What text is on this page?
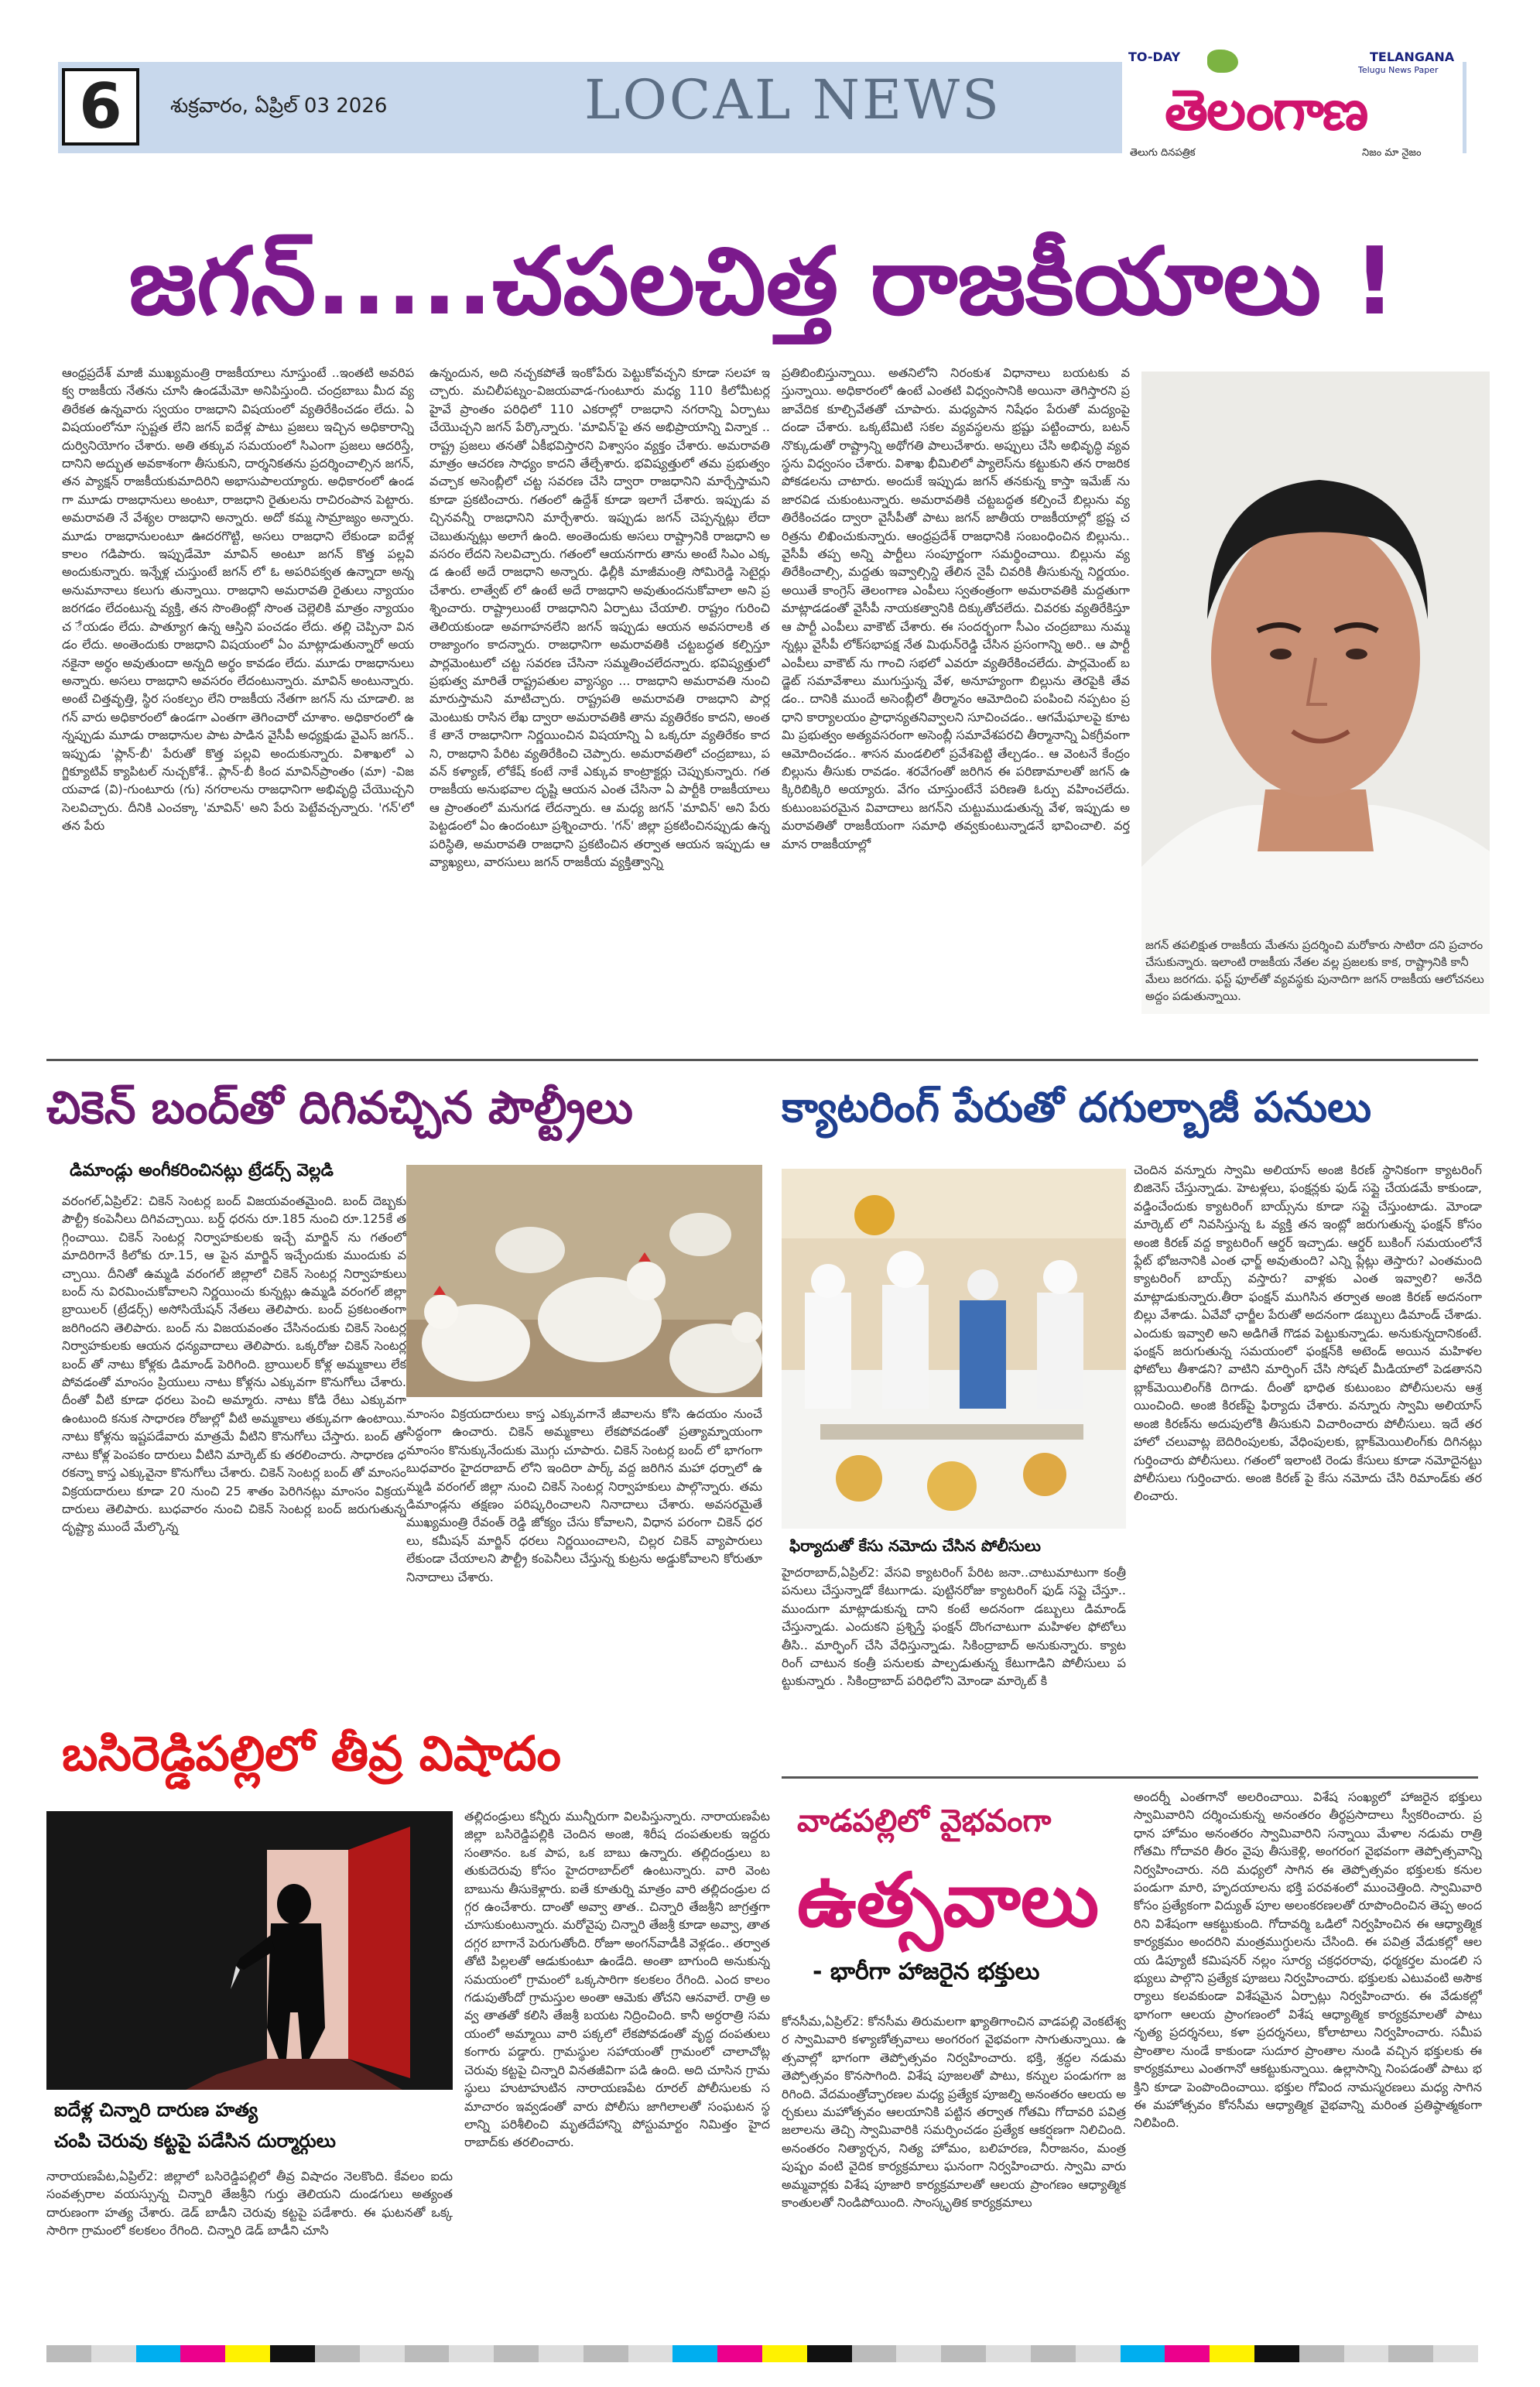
6	శుక్రవారం, ఏప్రిల్ 03 2026	LOCAL NEWS
TO-DAY	TELANGANA
Telugu News Paper
తెలంగాణ
తెలుగు దినపత్రిక	నిజం మా నైజం
జగన్.....చపలచిత్త రాజకీయాలు !
ఆంధ్రప్రదేశ్ మాజీ ముఖ్యమంత్రి రాజకీయాలు నూస్తుంటే ..ఇంతటి అవరిపక్వ రాజకీయ నేతను చూసి ఉండమేమో అనిపిస్తుంది. చంద్రబాబు మీద వ్యతిరేకత ఉన్నవారు స్వయం రాజధాని విషయంలో వ్యతిరేకించడం లేదు. ఏ విషయంలోనూ స్పష్టత లేని జగన్ ఐదేళ్ల పాటు ప్రజలు ఇచ్చిన అధికారాన్ని దుర్వినియోగం చేశారు. అతి తక్కువ సమయంలో సిఎంగా ప్రజలు ఆదరిస్తే, దానిని అద్భుత అవకాశంగా తీసుకుని, దార్శనికతను ప్రదర్శించాల్సిన జగన్, తన ప్యాక్షన్ రాజకీయకుమాదిరిని అభాసుపాలయ్యారు. అధికారంలో ఉండగా మూడు రాజధానులు అంటూ, రాజధాని రైతులను రాచిరంపాన పెట్టారు. అమరావతి నే వేశ్యల రాజధాని అన్నారు. అదో కమ్మ సామ్రాజ్యం అన్నారు. మూడు రాజధానులంటూ ఊదరగొట్టి, అసలు రాజధాని లేకుండా ఐదేళ్ల కాలం గడిపారు. ఇప్పుడేమో మావిన్ అంటూ జగన్ కొత్త పల్లవి అందుకున్నారు. ఇన్నేళ్ల చుస్తుంటే జగన్ లో ఓ అపరిపక్వత ఉన్నాదా అన్న అనుమానాలు కలుగు తున్నాయి. రాజధాని అమరావతి రైతులు న్యాయం జరగడం లేదంటున్న వ్యక్తి, తన సొంతింట్లో సొంత చెల్లెలికి మాత్రం న్యాయం చ ేయడం లేదు. పాత్యూగ ఉన్న ఆస్తిని పంచడం లేదు. తల్లి చెప్పినా వినడం లేదు. అంతెందుకు రాజధాని విషయంలో ఏం మాట్లాడుతున్నారో అయనకైనా అర్థం అవుతుందా అన్నది అర్థం కావడం లేదు. మూడు రాజధానులు అన్నారు. అసలు రాజధాని అవసరం లేదంటున్నారు. మావిన్ అంటున్నారు. అంటే చిత్తవృత్తి, స్థిర సంకల్పం లేని రాజకీయ నేతగా జగన్ ను చూడాలి. జగన్ వారు అధికారంలో ఉండగా ఎంతగా తెగించారో చూశాం. అధికారంలో ఉన్నప్పుడు మూడు రాజధానుల పాట పాడిన వైసీపీ అధ్యక్షుడు వైఎస్ జగన్.. ఇప్పుడు 'ప్లాన్-బీ' పేరుతో కొత్త పల్లవి అందుకున్నారు. విశాఖలో ఎగ్జిక్యూటివ్ క్యాపిటల్ నుచ్చకోశే.. ప్లాన్-బీ కింద మావిన్‌ప్రాంతం (మా) -విజయవాడ (వి)-గుంటూరు (గు) నగరాలను రాజధానిగా అభివృద్ధి చేయొచ్చని సెలవిచ్చారు. దీనికి ఎంచక్కా 'మావిన్' అని పేరు పెట్టేవచ్చన్నారు. 'గన్'లో తన పేరు
ఉన్నందున, అది నచ్చకపోతే ఇంకోపేరు పెట్టుకోవచ్చని కూడా సలహా ఇచ్చారు. మచిలీపట్నం-విజయవాడ-గుంటూరు మధ్య 110 కిలోమీటర్ల హైవే ప్రాంతం పరిధిలో 110 ఎకరాల్లో రాజధాని నగరాన్ని ఏర్పాటు చేయొచ్చని జగన్ పేర్కొన్నారు. 'మావిన్'పై తన అభిప్రాయాన్ని విన్నాక .. రాష్ట్ర ప్రజలు తనతో ఏకీభవిస్తారని విశ్వాసం వ్యక్తం చేశారు. అమరావతి మాత్రం ఆచరణ సాధ్యం కాదని తేల్చేశారు. భవిష్యత్తులో తమ ప్రభుత్వం వచ్చాక అసెంబ్లీలో చట్ట సవరణ చేసి ద్వారా రాజధానిని మార్చేస్తామని కూడా ప్రకటించారు. గతంలో ఉద్దేశ్ కూడా ఇలాగే చేశారు. ఇప్పుడు వచ్చినవన్నీ రాజధానిని మార్చేశారు. ఇప్పుడు జగన్ చెప్పన్నట్లు లేదా చెబుతున్నట్లు అలాగే ఉంది. అంతెందుకు అసలు రాష్ట్రానికి రాజధాని అవసరం లేదని సెలవిచ్చారు. గతంలో ఆయనగారు తాను అంటే సిఎం ఎక్కడ ఉంటే అదే రాజధాని అన్నారు. ఢిల్లీకి మాజీమంత్రి సోమిరెడ్డి సెటైర్లు చేశారు. లాత్వేట్ లో ఉంటే అదే రాజధాని అవుతుందనుకోవాలా అని ప్రశ్నించారు. రాష్ట్రాలుంటే రాజధానిని ఏర్పాటు చేయాలి. రాష్ట్రం గురించి తెలియకుండా అవగాహనలేని జగన్ ఇప్పుడు ఆయన అవసరాలకి తరాజ్యాంగం కాదన్నారు. రాజధానిగా అమరావతికి చట్టబద్ధత కల్పిస్తూ పార్లమెంటులో చట్ట సవరణ చేసినా సమ్మతించలేదన్నారు. భవిష్యత్తులో ప్రభుత్వ మారితే రాష్ట్రపతుల వ్యాస్యం ... రాజధాని అమరావతి నుంచి మారుస్తామని మాటిచ్చారు. రాష్ట్రపతి అమరావతి రాజధాని పార్లమెంటుకు రాసిన లేఖ ద్వారా అమరావతికి తాను వ్యతిరేకం కాదని, అంతకే తానే రాజధానిగా నిర్ణయించిన విషయాన్ని ఏ ఒక్కరూ వ్యతిరేకం కాదని, రాజధాని పేరిట వ్యతిరేకించి చెప్పారు. అమరావతిలో చంద్రబాబు, పవన్ కళ్యాణ్, లోకేష్ కంటే నాకే ఎక్కువ కాంట్రాక్టర్లు చెప్పుకున్నారు. గత రాజకీయ అనుభవాల దృష్టి ఆయన ఎంత చేసినా ఏ పార్టీకి రాజకీయాలు ఆ ప్రాంతంలో మనుగడ లేదన్నారు. ఆ మధ్య జగన్ 'మావిన్' అని పేరు పెట్టడంలో ఏం ఉందంటూ ప్రశ్నించారు. 'గన్' జిల్లా ప్రకటించినప్పుడు ఉన్న పరిస్థితి, అమరావతి రాజధాని ప్రకటించిన తర్వాత ఆయన ఇప్పుడు ఆ వ్యాఖ్యలు, వారసులు జగన్ రాజకీయ వ్యక్తిత్వాన్ని
ప్రతిబింబిస్తున్నాయి. అతనిలోని నిరంకుశ విధానాలు బయటకు వస్తున్నాయి. అధికారంలో ఉంటే ఎంతటి విధ్వంసానికి అయినా తెగిస్తారని ప్రజావేదిక కూల్చివేతతో చూపారు. మధ్యపాన నిషేధం పేరుతో మద్యంపై దండా చేశారు. ఒక్కటేమిటి సకల వ్యవస్థలను భ్రష్టు పట్టించారు, బటన్ నొక్కుడుతో రాష్ట్రాన్ని అథోగతి పాలుచేశారు. అప్పులు చేసి అభివృద్ధి వ్యవస్థను విధ్వంసం చేశారు. విశాఖ భీమిలిలో ప్యాలెస్‌ను కట్టుకుని తన రాజరిక పోకడలను చాటారు. అందుకే ఇప్పుడు జగన్ తనకున్న కాస్తా ఇమేజ్ ను జారవిడ చుకుంటున్నారు. అమరావతికి చట్టబద్ధత కల్పించే బిల్లును వ్యతిరేకించడం ద్వారా వైసీపీతో పాటు జగన్ జాతీయ రాజకీయాల్లో భ్రష్ట చరిత్రను లిఖించుకున్నారు. ఆంధ్రప్రదేశ్ రాజధానికి సంబంధించిన బిల్లును.. వైసీపీ తప్ప అన్ని పార్టీలు సంపూర్ణంగా సమర్థించాయి. బిల్లును వ్యతిరేకించాల్సి, మద్దతు ఇవ్వాల్సిన్డి తేలిన నైపీ చివరికి తీసుకున్న నిర్ణయం. అయితే కాంగ్రెస్ తెలంగాణ ఎంపీలు స్వతంత్రంగా అమరావతికి మద్దతుగా మాట్లాడడంతో వైసీపీ నాయకత్వానికి దిక్కుతోచలేదు. చివరకు వ్యతిరేకిస్తూ ఆ పార్టీ ఎంపీలు వాకౌట్ చేశారు. ఈ సందర్భంగా సీఎం చంద్రబాబు నుమ్మన్నట్లు వైసీపీ లోక్‌సభాపక్ష నేత మిథున్‌రెడ్డి చేసిన ప్రసంగాన్ని అరి.. ఆ పార్టీ ఎంపీలు వాకౌట్ ను గాంచి సభలో ఎవరూ వ్యతిరేకించలేదు. పార్లమెంట్ బడ్జెట్ సమావేశాలు ముగుస్తున్న వేళ, అనూహ్యంగా బిల్లును తెరపైకి తేవడం.. దానికి ముందే అసెంబ్లీలో తీర్మానం ఆమోదించి పంపించి నప్పటం ప్రధాని కార్యాలయం ప్రాధాన్యతనివ్వాలని సూచించడం.. ఆగమేఘాలపై కూటమి ప్రభుత్వం అత్యవసరంగా అసెంబ్లీ సమావేశపరచి తీర్మానాన్ని ఏకగ్రీవంగా ఆమోదించడం.. శాసన మండలిలో ప్రవేశపెట్టి తేల్చడం.. ఆ వెంటనే కేంద్రం బిల్లును తీసుకు రావడం. శరవేగంతో జరిగిన ఈ పరిణామాలతో జగన్ ఉక్కిరిబిక్కిరి అయ్యారు. వేగం చూస్తుంటేనే పరిణతి ఓర్పు వహించలేదు. కుటుంబపరమైన వివాదాలు జగన్‌ని చుట్టుముడుతున్న వేళ, ఇప్పుడు అమరావతితో రాజకీయంగా సమాధి తవ్వకుంటున్నాడనే భావించాలి. వర్తమాన రాజకీయాల్లో
జగన్ తపలిక్షుత రాజకీయ మేతను ప్రదర్శించి మరోకారు సాటిరా దని ప్రచారం చేసుకున్నారు. ఇలాంటి రాజకీయ నేతల వల్ల ప్రజలకు కాక, రాష్ట్రానికి కానీ మేలు జరగదు. ఫస్ట్ ఫూల్‌తో వ్యవస్థకు పునాదిగా జగన్ రాజకీయ ఆలోచనలు అద్దం పడుతున్నాయి.
చికెన్ బంద్‌తో దిగివచ్చిన పౌల్ట్రీలు
డిమాండ్లు అంగీకరించినట్లు ట్రేడర్స్ వెల్లడి
వరంగల్,ఏప్రిల్2: చికెన్ సెంటర్ల బంద్ విజయవంతమైంది. బంద్ దెబ్బకు పౌల్ట్రీ కంపెనీలు దిగివచ్చాయి. బర్డ్ ధరను రూ.185 నుంచి రూ.125కే తగ్గించాయి. చికెన్ సెంటర్ల నిర్వాహకులకు ఇచ్చే మార్జిన్ ను గతంలో మాదిరిగానే కిలోకు రూ.15, ఆ పైన మార్జిన్ ఇచ్చేందుకు ముందుకు వచ్చాయి. దీనితో ఉమ్మడి వరంగల్ జిల్లాలో చికెన్ సెంటర్ల నిర్వాహకులు బంద్ ను విరమించుకోవాలని నిర్ణయించు కున్నట్లు ఉమ్మడి వరంగల్ జిల్లా బ్రాయిలర్ (ట్రేడర్స్) అసోసియేషన్ నేతలు తెలిపారు. బంద్ ప్రకటంతంగా జరిగిందని తెలిపారు. బంద్ ను విజయవంతం చేసినందుకు చికెన్ సెంటర్ల నిర్వాహకులకు ఆయన ధన్యవాదాలు తెలిపారు. ఒక్కరోజు చికెన్ సెంటర్ల బంద్ తో నాటు కోళ్లకు డిమాండ్ పెరిగింది. బ్రాయిలర్ కోళ్ల అమ్మకాలు లేకపోవడంతో మాంసం ప్రియులు నాటు కోళ్లను ఎక్కువగా కొనుగోలు చేశారు. దీంతో వీటి కూడా ధరలు పెంచి అమ్మారు. నాటు కోడి రేటు ఎక్కువగా ఉంటుంది కనుక సాధారణ రోజుల్లో వీటి అమ్మకాలు తక్కువగా ఉంటాయి. నాటు కోళ్లను ఇష్టపడేవారు మాత్రమే వీటిని కొనుగోలు చేస్తారు. బంద్ తో నాటు కోళ్ల పెంపకం దారులు వీటిని మార్కెట్ కు తరలించారు. సాధారణ ధరకన్నా కాస్త ఎక్కువైనా కొనుగోలు చేశారు. చికెన్ సెంటర్ల బంద్ తో మాంసం విక్రయదారులు కూడా 20 నుంచి 25 శాతం పెరిగినట్లు మాంసం విక్రయదారులు తెలిపారు. బుధవారం నుంచి చికెన్ సెంటర్ల బంద్ జరుగుతున్న దృష్ట్యా ముందే మేల్కొన్న
మాంసం విక్రయదారులు కాస్త ఎక్కువగానే జీవాలను కోసి ఉదయం నుంచే సిద్ధంగా ఉంచారు. చికెన్ అమ్మకాలు లేకపోవడంతో ప్రత్యామ్నాయంగా మాంసం కొనుక్కునేందుకు మొగ్గు చూపారు. చికెన్ సెంటర్ల బంద్ లో భాగంగా బుధవారం హైదరాబాద్ లోని ఇందిరా పార్క్ వద్ద జరిగిన మహా ధర్నాలో ఉమ్మడి వరంగల్ జిల్లా నుంచి చికెన్ సెంటర్ల నిర్వాహకులు పాల్గొన్నారు. తమ డిమాండ్లను తక్షణం పరిష్కరించాలని నినాదాలు చేశారు. అవసరమైతే ముఖ్యమంత్రి రేవంత్ రెడ్డి జోక్యం చేసు కోవాలని, విధాన పరంగా చికెన్ ధరలు, కమీషన్ మార్జిన్ ధరలు నిర్ణయించాలని, చిల్లర చికెన్ వ్యాపారులు లేకుండా చేయాలని పౌల్ట్రీ కంపెనీలు చేస్తున్న కుట్రను అడ్డుకోవాలని కోరుతూ నినాదాలు చేశారు.
క్యాటరింగ్ పేరుతో దగుల్బాజీ పనులు
ఫిర్యాదుతో కేసు నమోదు చేసిన పోలీసులు
హైదరాబాద్,ఏప్రిల్2: వేసవి క్యాటరింగ్ పేరిట జనా..చాటుమాటుగా కంత్రీ పనులు చేస్తున్నాడో కేటుగాడు. పుట్టినరోజు క్యాటరింగ్ ఫుడ్ సప్లై చేస్తూ.. ముందుగా మాట్లాడుకున్న దాని కంటే అదనంగా డబ్బులు డిమాండ్ చేస్తున్నాడు. ఎందుకని ప్రశ్నిస్తే ఫంక్షన్ దొంగచాటుగా మహిళల ఫోటోలు తీసి.. మార్ఫింగ్ చేసి వేధిస్తున్నాడు. సికింద్రాబాద్ అనుకున్నారు. క్యాటరింగ్ చాటున కంత్రీ పనులకు పాల్పడుతున్న కేటుగాడిని పోలీసులు పట్టుకున్నారు . సికింద్రాబాద్ పరిధిలోని మోండా మార్కెట్ కి
చెందిన వన్నూరు స్వామి అలియాస్ అంజి కిరణ్ స్థానికంగా క్యాటరింగ్ బిజినెస్ చేస్తున్నాడు. హెటళ్లలు, ఫంక్షన్లకు ఫుడ్ సప్లై చేయడమే కాకుండా, వడ్డించేందుకు క్యాటరింగ్ బాయ్స్‌ను కూడా సప్లై చేస్తుంటాడు. మోండా మార్కెట్ లో నివసిస్తున్న ఓ వ్యక్తి తన ఇంట్లో జరుగుతున్న ఫంక్షన్ కోసం అంజి కిరణ్ వద్ద క్యాటరింగ్ ఆర్డర్ ఇచ్చాడు. ఆర్డర్ బుకింగ్ సమయంలోనే ఫ్లేట్ భోజనానికి ఎంత ఛార్జ్ అవుతుంది? ఎన్ని ప్లేట్లు తెస్తారు? ఎంతమంది క్యాటరింగ్ బాయ్స్ వస్తారు? వాళ్లకు ఎంత ఇవ్వాలి? అనేది మాట్లాడుకున్నారు.తీరా ఫంక్షన్ ముగిసిన తర్వాత అంజి కిరణ్ అదనంగా బిల్లు వేశాడు. ఏవేవో ఛార్జీల పేరుతో అదనంగా డబ్బులు డిమాండ్ చేశాడు. ఎందుకు ఇవ్వాలి అని అడిగితే గొడవ పెట్టుకున్నాడు. అనుకున్నదానికంటే. ఫంక్షన్ జరుగుతున్న సమయంలో ఫంక్షన్‌కి అటెండ్ అయిన మహిళల ఫోటోలు తీశాడని? వాటిని మార్ఫింగ్ చేసి సోషల్ మీడియాలో పెడతానని బ్లాక్‌మెయిలింగ్‌కి దిగాడు. దీంతో భాధిత కుటుంబం పోలీసులను ఆశ్రయించింది. అంజి కిరణ్‌పై ఫిర్యాదు చేశారు. వన్నూరు స్వామి అలియాస్ అంజి కిరణ్‌ను అదుపులోకి తీసుకుని విచారించారు పోలీసులు. ఇదే తరహాలో చలువాట్ల బెదిరింపులకు, వేధింపులకు, బ్లాక్‌మెయిలింగ్‌కు దిగినట్లు గుర్తించారు పోలీసులు. గతంలో ఇలాంటి రెండు కేసులు కూడా నమోదైనట్టు పోలీసులు గుర్తించారు. అంజి కిరణ్ పై కేసు నమోదు చేసి రిమాండ్‌కు తరలించారు.
బసిరెడ్డిపల్లిలో తీవ్ర విషాదం
ఐదేళ్ల చిన్నారి దారుణ హత్య
చంపి చెరువు కట్టపై పడేసిన దుర్మార్గులు
నారాయణపేట,ఏప్రిల్2: జిల్లాలో బసిరెడ్డిపల్లిలో తీవ్ర విషాదం నెలకొంది. కేవలం ఐదు సంవత్సరాల వయస్సున్న చిన్నారి తేజశ్రీని గుర్తు తెలియని దుండగులు అత్యంత దారుణంగా హత్య చేశారు. డెడ్ బాడీని చెరువు కట్టపై పడేశారు. ఈ ఘటనతో ఒక్కసారిగా గ్రామంలో కలకలం రేగింది. చిన్నారి డెడ్ బాడీని చూసి
తల్లిదండ్రులు కన్నీరు మున్నీరుగా విలపిస్తున్నారు. నారాయణపేట జిల్లా బసిరెడ్డిపల్లికి చెందిన అంజి, శిరీష దంపతులకు ఇద్దరు సంతానం. ఒక పాప, ఒక బాబు ఉన్నారు. తల్లిదండ్రులు బతుకుదెరువు కోసం హైదరాబాద్‌లో ఉంటున్నారు. వారి వెంట బాబును తీసుకెళ్లారు. ఐతే కూతుర్ని మాత్రం వారి తల్లిదండ్రుల దగ్గర ఉంచేశారు. దాంతో అవ్వా తాత.. చిన్నారి తేజశ్రీని జాగ్రత్తగా చూసుకుంటున్నారు. మరోవైపు చిన్నారి తేజశ్రీ కూడా అవ్వా, తాత దగ్గర బాగానే పెరుగుతోంది. రోజూ అంగన్‌వాడీకి వెళ్లడం.. తర్వాత తోటి పిల్లలతో ఆడుకుంటూ ఉండేది. అంతా బాగుంది అనుకున్న సమయంలో గ్రామంలో ఒక్కసారిగా కలకలం రేగింది. ఎంద కాలం గడుపుతోందో గ్రామస్తుల అంతా ఆమెకు తోచని ఆనవాలే. రాత్రి అవ్వ తాతతో కలిసి తేజశ్రీ బయట నిద్రించింది. కానీ అర్ధరాత్రి సమయంలో అమ్మాయి వారి పక్కలో లేకపోవడంతో వృద్ధ దంపతులు కంగారు పడ్డారు. గ్రామస్థుల సహాయంతో గ్రామంలో చాలాచోట్ల చెరువు కట్టపై చిన్నారి వినతజీవిగా పడి ఉంది. అది చూసిన గ్రామస్థులు హుటాహుటిన నారాయణపేట రూరల్ పోలీసులకు సమాచారం ఇవ్వడంతో వారు పోలీసు జాగిలాలతో సంఘటన స్థలాన్ని పరిశీలించి మృతదేహాన్ని పోస్టుమార్టం నిమిత్తం హైదరాబాద్‌కు తరలించారు.
వాడపల్లిలో వైభవంగా
ఉత్సవాలు
- భారీగా హాజరైన భక్తులు
కోనసీమ,ఏప్రిల్2: కోనసీమ తిరుమలగా ఖ్యాతిగాంచిన వాడపల్లి వెంకటేశ్వర స్వామివారి కళ్యాణోత్సవాలు అంగరంగ వైభవంగా సాగుతున్నాయి. ఉత్సవాల్లో భాగంగా తెప్పోత్సవం నిర్వహించారు. భక్తి, శ్రద్ధల నడుమ తెప్పోత్సవం కొనసాగింది. విశేష పూజలతో పాటు, కన్నుల పండుగగా జరిగింది. వేదమంత్రోచ్ఛారణల మధ్య ప్రత్యేక పూజల్ని అనంతరం ఆలయ అర్చకులు మహోత్సవం ఆలయానికి పట్టిన తర్వాత గోతమి గోదావరి పవిత్ర జలాలను తెచ్చి స్వామివారికి సమర్పించడం ప్రత్యేక ఆకర్షణగా నిలిచింది. అనంతరం నిత్యార్చన, నిత్య హోమం, బలిహరణ, నీరాజనం, మంత్రపుష్పం వంటి వైదిక కార్యక్రమాలు ఘనంగా నిర్వహించారు. స్వామి వారు అమ్మవార్లకు విశేష పూజారి కార్యక్రమాలతో ఆలయ ప్రాంగణం ఆధ్యాత్మిక కాంతులతో నిండిపోయింది. సాంస్కృతిక కార్యక్రమాలు
అందర్నీ ఎంతగానో అలరించాయి. విశేష సంఖ్యలో హాజరైన భక్తులు స్వామివారిని దర్శించుకున్న అనంతరం తీర్థప్రసాదాలు స్వీకరించారు. ప్రధాన హోమం అనంతరం స్వామివారిని సన్నాయి మేళాల నడుమ రాత్రి గోతమి గోదావరి తీరం వైపు తీసుకెళ్లి, అంగరంగ వైభవంగా తెప్పోత్సవాన్ని నిర్వహించారు. నది మధ్యలో సాగిన ఈ తెప్పోత్సవం భక్తులకు కనుల పండుగా మారి, హృదయాలను భక్తి పరవశంలో ముంచెత్తింది. స్వామివారి కోసం ప్రత్యేకంగా విద్యుత్ పూల అలంకరణలతో రూపొందించిన తెప్ప అందరిని విశేషంగా ఆకట్టుకుంది. గోదావర్మి ఒడిలో నిర్వహించిన ఈ ఆధ్యాత్మిక కార్యక్రమం అందరిని మంత్రముగ్ధులను చేసింది. ఈ పవిత్ర వేడుకల్లో ఆలయ డిప్యూటీ కమిషనర్ నల్లం సూర్య చక్రధరరావు, ధర్మకర్తల మండలి సభ్యులు పాల్గొని ప్రత్యేక పూజలు నిర్వహించారు. భక్తులకు ఎటువంటి అసౌకర్యాలు కలవకుండా విశేషమైన ఏర్పాట్లు నిర్వహించారు. ఈ వేడుకల్లో భాగంగా ఆలయ ప్రాంగణంలో విశేష ఆధ్యాత్మిక కార్యక్రమాలతో పాటు నృత్య ప్రదర్శనలు, కళా ప్రదర్శనలు, కోలాటాలు నిర్వహించారు. సమీప ప్రాంతాల నుండే కాకుండా సుదూర ప్రాంతాల నుండి వచ్చిన భక్తులకు ఈ కార్యక్రమాలు ఎంతగానో ఆకట్టుకున్నాయి. ఉల్లాసాన్ని నింపడంతో పాటు భక్తిని కూడా పెంపొందించాయి. భక్తుల గోవింద నామస్మరణలు మధ్య సాగిన ఈ మహోత్సవం కోనసీమ ఆధ్యాత్మిక వైభవాన్ని మరింత ప్రతిష్ఠాత్మకంగా నిలిపింది.
